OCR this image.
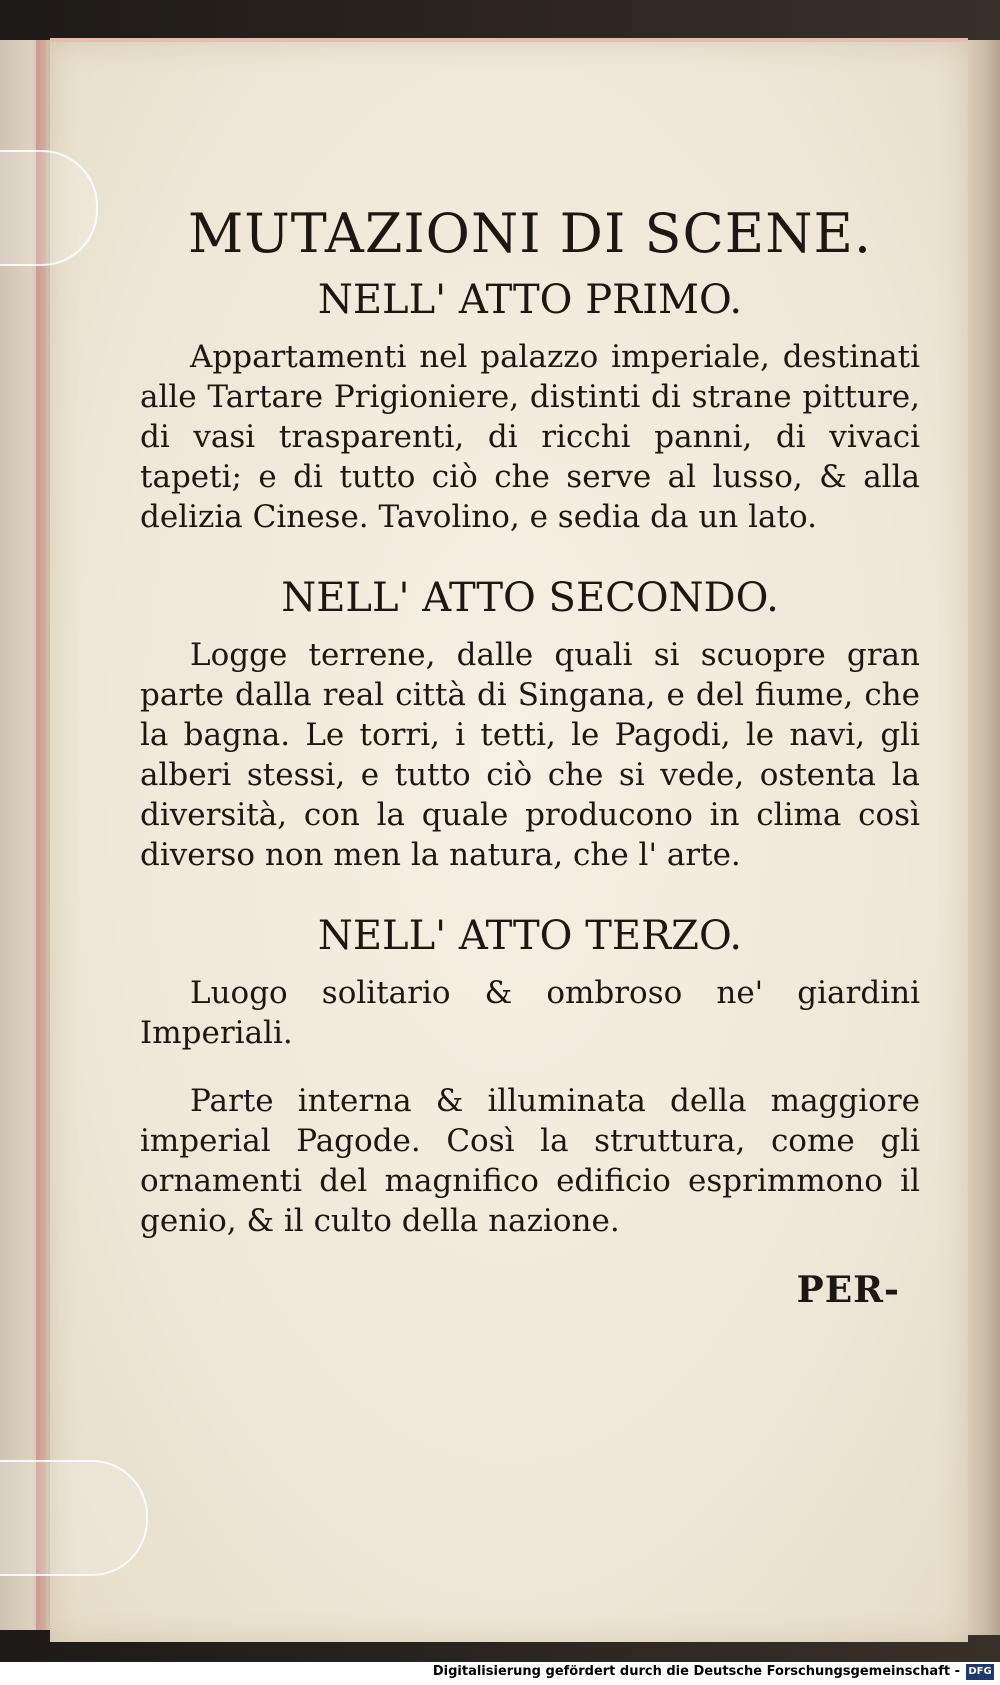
MUTAZIONI DI SCENE.
NELL' ATTO PRIMO.

Appartamenti nel palazzo imperiale, destinati alle Tartare Prigioniere, distinti di strane pitture, di vasi trasparenti, di ricchi panni, di vivaci tapeti; e di tutto ciò che serve al lusso, & alla delizia Cinese. Tavolino, e sedia da un lato.

NELL' ATTO SECONDO.

Logge terrene, dalle quali si scuopre gran parte dalla real città di Singana, e del fiume, che la bagna. Le torri, i tetti, le Pagodi, le navi, gli alberi stessi, e tutto ciò che si vede, ostenta la diversità, con la quale producono in clima così diverso non men la natura, che l' arte.

NELL' ATTO TERZO.

Luogo solitario & ombroso ne' giardini Imperiali.

Parte interna & illuminata della maggiore imperial Pagode. Così la struttura, come gli ornamenti del magnifico edificio esprimmono il genio, & il culto della nazione.

PER-

Digitalisierung gefördert durch die Deutsche Forschungsgemeinschaft - DFG
